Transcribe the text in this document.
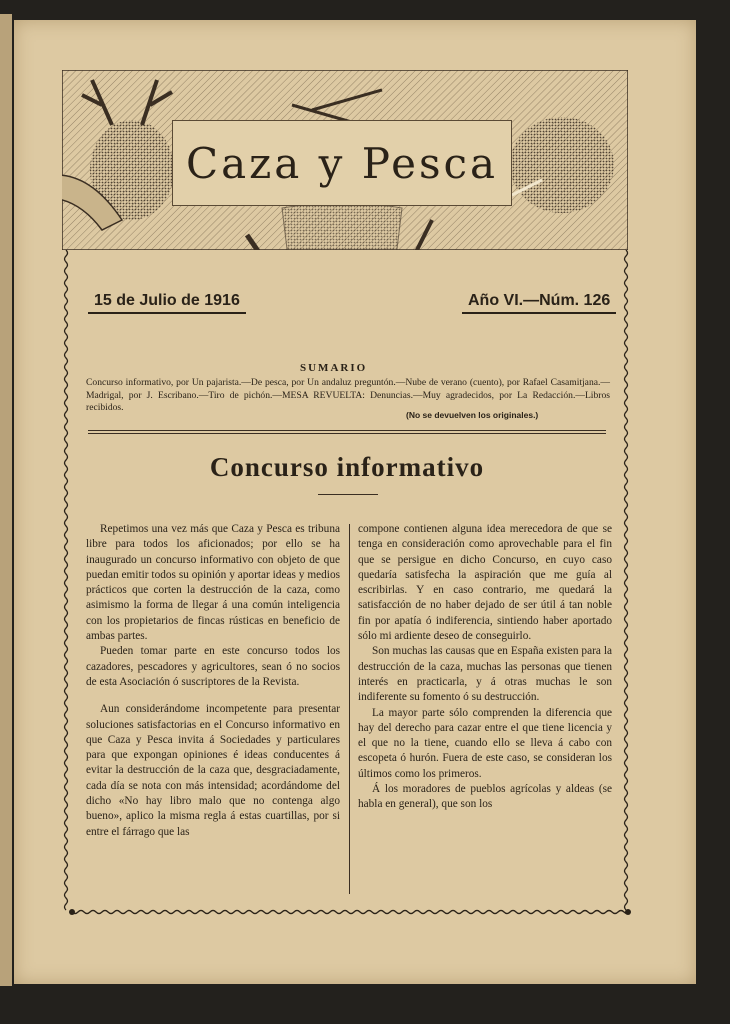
Caza y Pesca
15 de Julio de 1916	Año VI.—Núm. 126
SUMARIO
Concurso informativo, por Un pajarista.—De pesca, por Un andaluz preguntón.—Nube de verano (cuento), por Rafael Casamitjana.—Madrigal, por J. Escribano.—Tiro de pichón.—MESA REVUELTA: Denuncias.—Muy agradecidos, por La Redacción.—Libros recibidos.
(No se devuelven los originales.)
Concurso informativo

Repetimos una vez más que Caza y Pesca es tribuna libre para todos los aficionados; por ello se ha inaugurado un concurso informativo con objeto de que puedan emitir todos su opinión y aportar ideas y medios prácticos que corten la destrucción de la caza, como asimismo la forma de llegar á una común inteligencia con los propietarios de fincas rústicas en beneficio de ambas partes.

Pueden tomar parte en este concurso todos los cazadores, pescadores y agricultores, sean ó no socios de esta Asociación ó suscriptores de la Revista.

Aun considerándome incompetente para presentar soluciones satisfactorias en el Concurso informativo en que Caza y Pesca invita á Sociedades y particulares para que expongan opiniones é ideas conducentes á evitar la destrucción de la caza que, desgraciadamente, cada día se nota con más intensidad; acordándome del dicho «No hay libro malo que no contenga algo bueno», aplico la misma regla á estas cuartillas, por si entre el fárrago que las

compone contienen alguna idea merecedora de que se tenga en consideración como aprovechable para el fin que se persigue en dicho Concurso, en cuyo caso quedaría satisfecha la aspiración que me guía al escribirlas. Y en caso contrario, me quedará la satisfacción de no haber dejado de ser útil á tan noble fin por apatía ó indiferencia, sintiendo haber aportado sólo mi ardiente deseo de conseguirlo.

Son muchas las causas que en España existen para la destrucción de la caza, muchas las personas que tienen interés en practicarla, y á otras muchas le son indiferente su fomento ó su destrucción.

La mayor parte sólo comprenden la diferencia que hay del derecho para cazar entre el que tiene licencia y el que no la tiene, cuando ello se lleva á cabo con escopeta ó hurón. Fuera de este caso, se consideran los últimos como los primeros.

Á los moradores de pueblos agrícolas y aldeas (se habla en general), que son los
